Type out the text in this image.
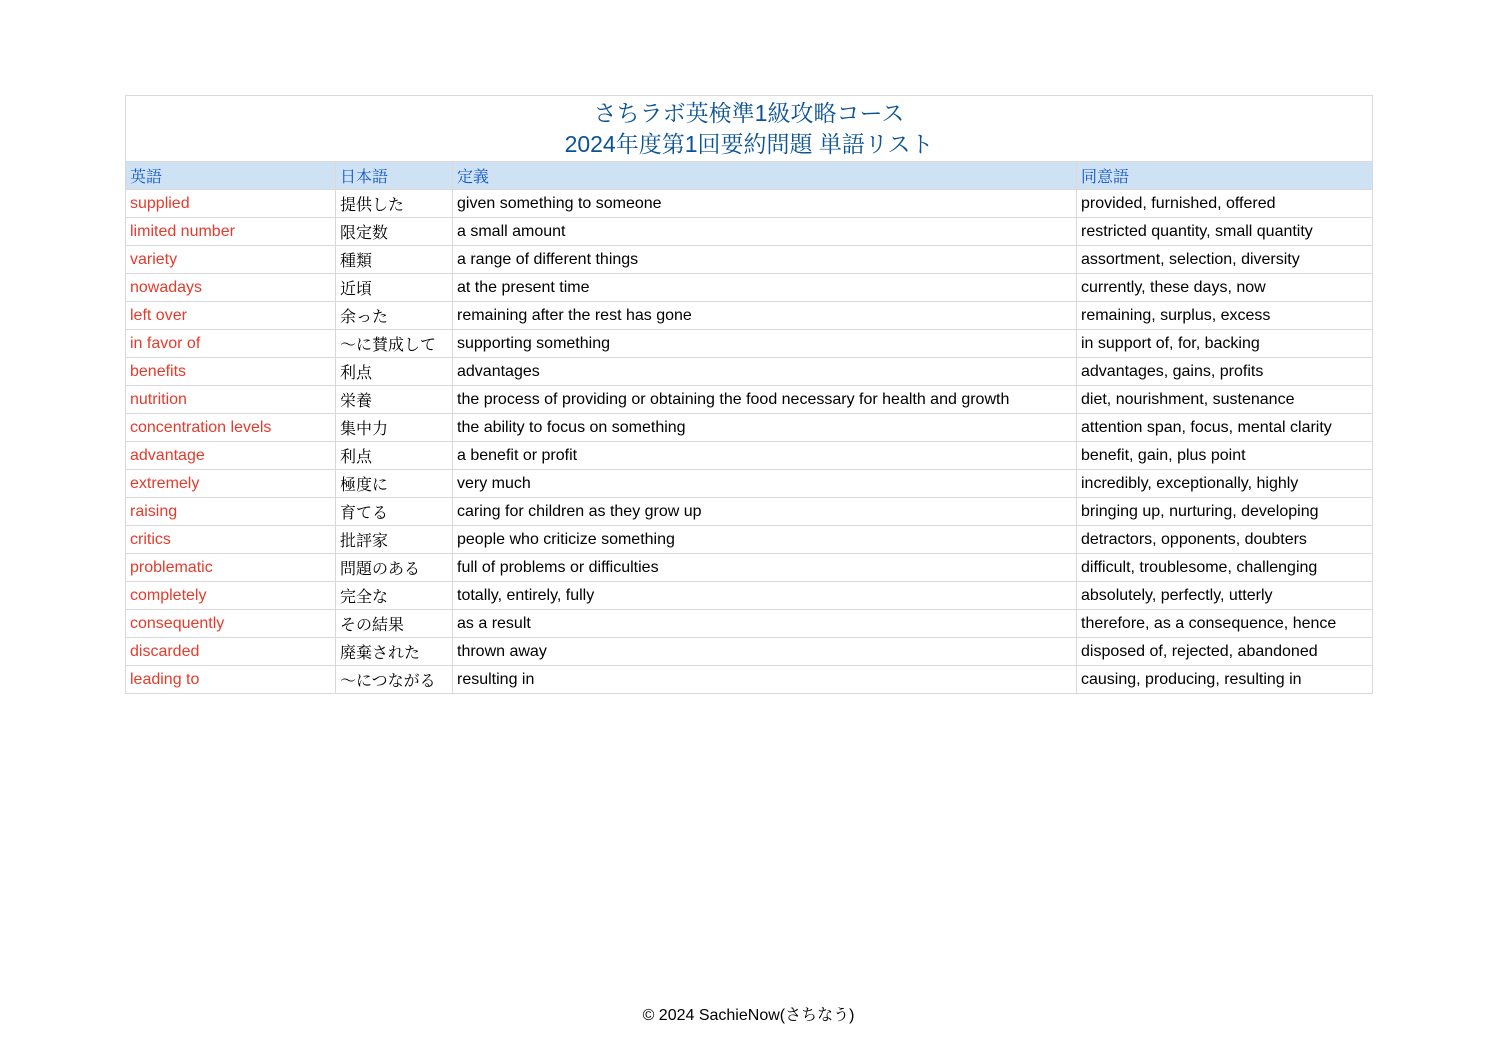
さちラボ英検準1級攻略コース
2024年度第1回要約問題 単語リスト			

英語	日本語	定義	同意語
supplied	提供した	given something to someone	provided, furnished, offered
limited number	限定数	a small amount	restricted quantity, small quantity
variety	種類	a range of different things	assortment, selection, diversity
nowadays	近頃	at the present time	currently, these days, now
left over	余った	remaining after the rest has gone	remaining, surplus, excess
in favor of	～に賛成して	supporting something	in support of, for, backing
benefits	利点	advantages	advantages, gains, profits
nutrition	栄養	the process of providing or obtaining the food necessary for health and growth	diet, nourishment, sustenance
concentration levels	集中力	the ability to focus on something	attention span, focus, mental clarity
advantage	利点	a benefit or profit	benefit, gain, plus point
extremely	極度に	very much	incredibly, exceptionally, highly
raising	育てる	caring for children as they grow up	bringing up, nurturing, developing
critics	批評家	people who criticize something	detractors, opponents, doubters
problematic	問題のある	full of problems or difficulties	difficult, troublesome, challenging
completely	完全な	totally, entirely, fully	absolutely, perfectly, utterly
consequently	その結果	as a result	therefore, as a consequence, hence
discarded	廃棄された	thrown away	disposed of, rejected, abandoned
leading to	～につながる	resulting in	causing, producing, resulting in
© 2024 SachieNow(さちなう)
